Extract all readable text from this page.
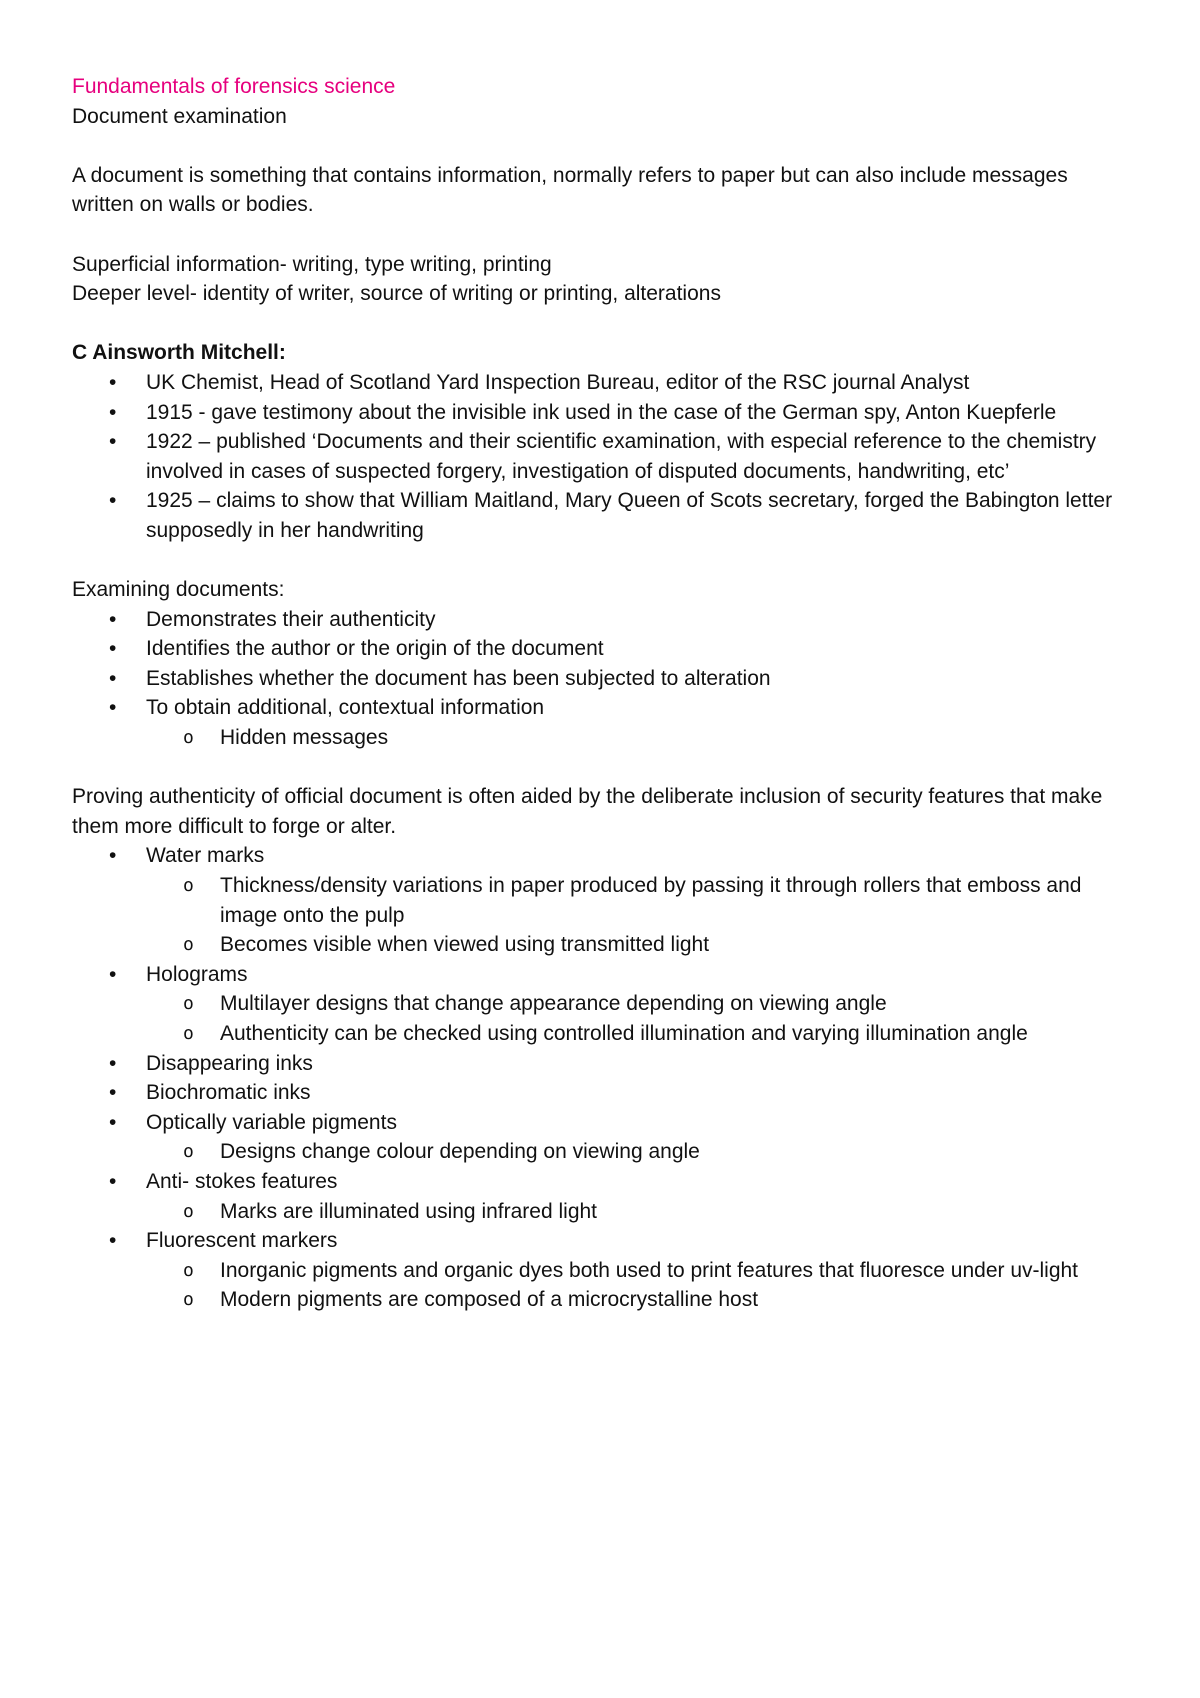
Fundamentals of forensics science
Document examination
A document is something that contains information, normally refers to paper but can also include messages written on walls or bodies.
Superficial information- writing, type writing, printing
Deeper level- identity of writer, source of writing or printing, alterations
C Ainsworth Mitchell:
•	UK Chemist, Head of Scotland Yard Inspection Bureau, editor of the RSC journal Analyst
•	1915 - gave testimony about the invisible ink used in the case of the German spy, Anton Kuepferle
•	1922 – published ‘Documents and their scientific examination, with especial reference to the chemistry involved in cases of suspected forgery, investigation of disputed documents, handwriting, etc’
•	1925 – claims to show that William Maitland, Mary Queen of Scots secretary, forged the Babington letter supposedly in her handwriting
Examining documents:
•	Demonstrates their authenticity
•	Identifies the author or the origin of the document
•	Establishes whether the document has been subjected to alteration
•	To obtain additional, contextual information
o	Hidden messages
Proving authenticity of official document is often aided by the deliberate inclusion of security features that make them more difficult to forge or alter.
•	Water marks
o	Thickness/density variations in paper produced by passing it through rollers that emboss and image onto the pulp
o	Becomes visible when viewed using transmitted light
•	Holograms
o	Multilayer designs that change appearance depending on viewing angle
o	Authenticity can be checked using controlled illumination and varying illumination angle
•	Disappearing inks
•	Biochromatic inks
•	Optically variable pigments
o	Designs change colour depending on viewing angle
•	Anti- stokes features
o	Marks are illuminated using infrared light
•	Fluorescent markers
o	Inorganic pigments and organic dyes both used to print features that fluoresce under uv-light
o	Modern pigments are composed of a microcrystalline host
